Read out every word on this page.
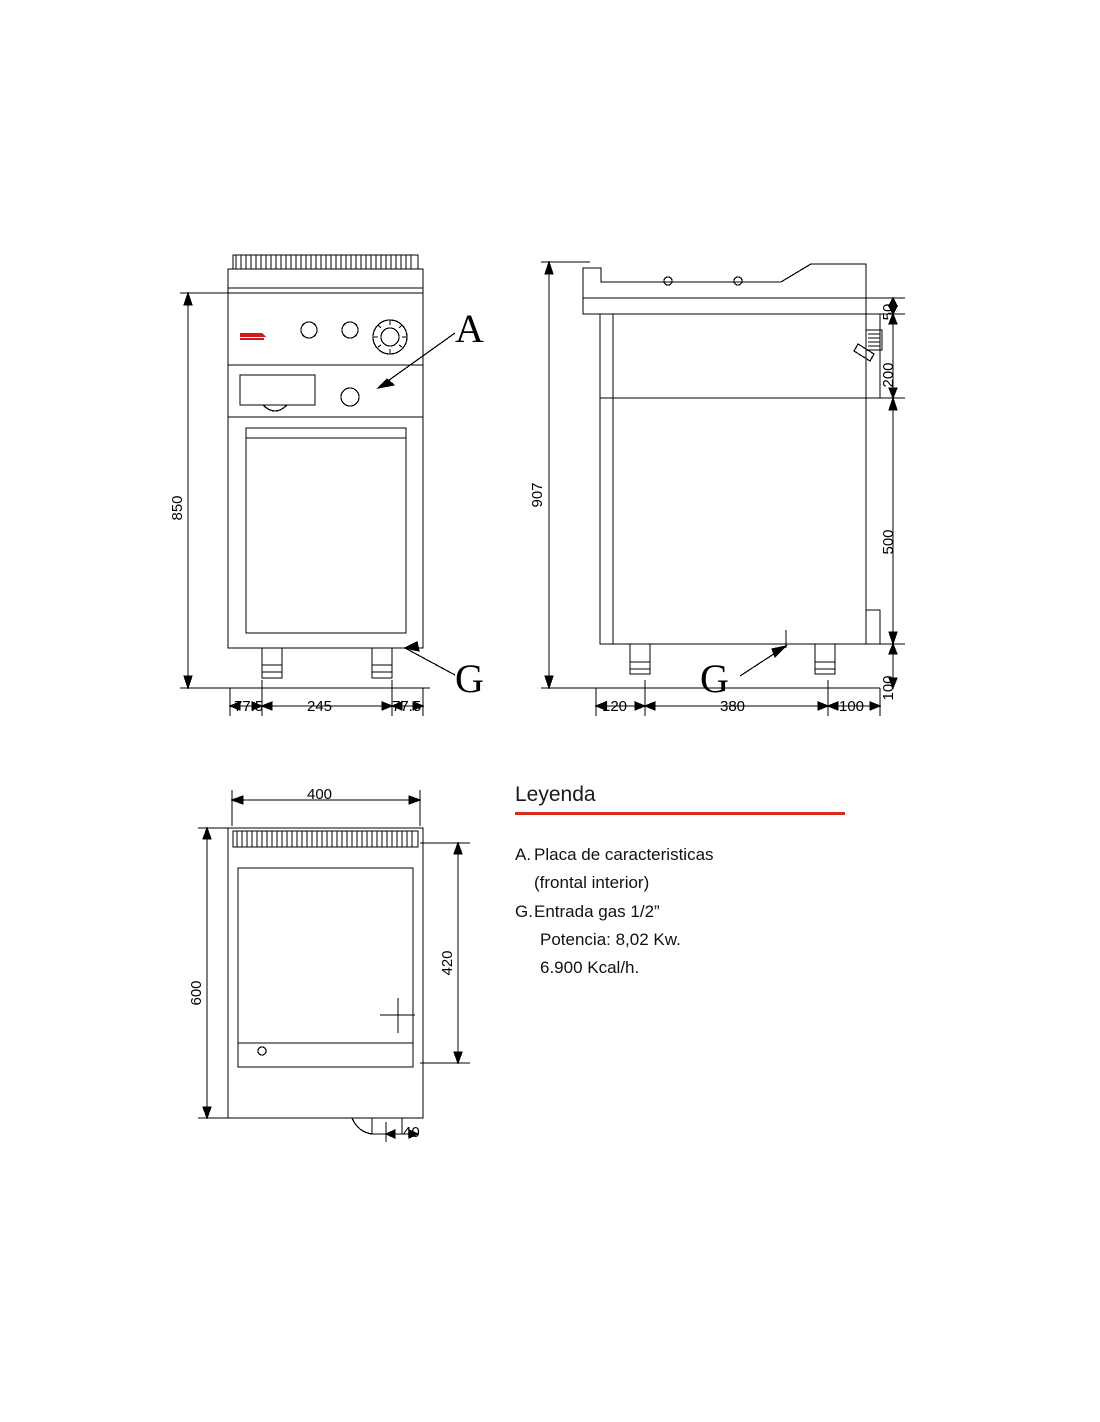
850
77.5	245	77.5
A
G
907
50
200
500
100
120	380	100
G
400
600
420
40
Leyenda
A. Placa de caracteristicas
(frontal interior)
G. Entrada gas 1/2”
Potencia: 8,02 Kw.
6.900 Kcal/h.
